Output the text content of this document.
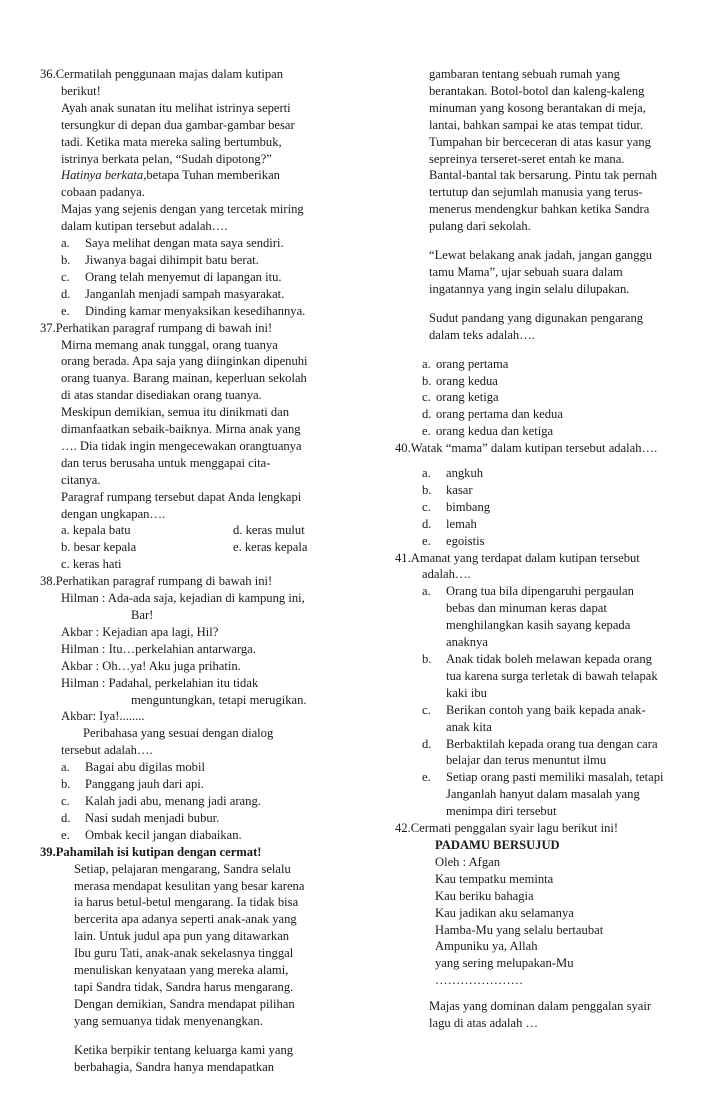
36.Cermatilah penggunaan majas dalam kutipan
berikut!
Ayah anak sunatan itu melihat istrinya seperti
tersungkur di depan dua gambar-gambar besar
tadi. Ketika mata mereka saling bertumbuk,
istrinya berkata pelan, “Sudah dipotong?”
Hatinya berkata,betapa Tuhan memberikan
cobaan padanya.
Majas yang sejenis dengan yang tercetak miring
dalam kutipan tersebut adalah….
a.	Saya melihat dengan mata saya sendiri.
b.	Jiwanya bagai dihimpit batu berat.
c.	Orang telah menyemut di lapangan itu.
d.	Janganlah menjadi sampah masyarakat.
e.	Dinding kamar menyaksikan kesedihannya.
37.Perhatikan paragraf rumpang di bawah ini!
Mirna memang anak tunggal, orang tuanya
orang berada. Apa saja yang diinginkan dipenuhi
orang tuanya. Barang mainan, keperluan sekolah
di atas standar disediakan orang tuanya.
Meskipun demikian, semua itu dinikmati dan
dimanfaatkan sebaik-baiknya. Mirna anak yang
…. Dia tidak ingin mengecewakan orangtuanya
dan terus berusaha untuk menggapai cita-
citanya.
Paragraf rumpang tersebut dapat Anda lengkapi
dengan ungkapan….
a. kepala batu	d. keras mulut
b. besar kepala	e. keras kepala
c. keras hati
38.Perhatikan paragraf rumpang di bawah ini!
Hilman : Ada-ada saja, kejadian di kampung ini,
Bar!
Akbar : Kejadian apa lagi, Hil?
Hilman : Itu…perkelahian antarwarga.
Akbar : Oh…ya! Aku juga prihatin.
Hilman : Padahal, perkelahian itu tidak
menguntungkan, tetapi merugikan.
Akbar: Iya!........
Peribahasa yang sesuai dengan dialog
tersebut adalah….
a.	Bagai abu digilas mobil
b.	Panggang jauh dari api.
c.	Kalah jadi abu, menang jadi arang.
d.	Nasi sudah menjadi bubur.
e.	Ombak kecil jangan diabaikan.
39.Pahamilah isi kutipan dengan cermat!
Setiap, pelajaran mengarang, Sandra selalu
merasa mendapat kesulitan yang besar karena
ia harus betul-betul mengarang. Ia tidak bisa
bercerita apa adanya seperti anak-anak yang
lain. Untuk judul apa pun yang ditawarkan
Ibu guru Tati, anak-anak sekelasnya tinggal
menuliskan kenyataan yang mereka alami,
tapi Sandra tidak, Sandra harus mengarang.
Dengan demikian, Sandra mendapat pilihan
yang semuanya tidak menyenangkan.
Ketika berpikir tentang keluarga kami yang
berbahagia, Sandra hanya mendapatkan
gambaran tentang sebuah rumah yang
berantakan. Botol-botol dan kaleng-kaleng
minuman yang kosong berantakan di meja,
lantai, bahkan sampai ke atas tempat tidur.
Tumpahan bir berceceran di atas kasur yang
sepreinya terseret-seret entah ke mana.
Bantal-bantal tak bersarung. Pintu tak pernah
tertutup dan sejumlah manusia yang terus-
menerus mendengkur bahkan ketika Sandra
pulang dari sekolah.
“Lewat belakang anak jadah, jangan ganggu
tamu Mama”, ujar sebuah suara dalam
ingatannya yang ingin selalu dilupakan.
Sudut pandang yang digunakan pengarang
dalam teks adalah….
a. orang pertama
b. orang kedua
c. orang ketiga
d. orang pertama dan kedua
e. orang kedua dan ketiga
40.Watak “mama” dalam kutipan tersebut adalah….
a.	angkuh
b.	kasar
c.	bimbang
d.	lemah
e.	egoistis
41.Amanat yang terdapat dalam kutipan tersebut
adalah….
a.	Orang tua bila dipengaruhi pergaulan
bebas dan minuman keras dapat
menghilangkan kasih sayang kepada
anaknya
b.	Anak tidak boleh melawan kepada orang
tua karena surga terletak di bawah telapak
kaki ibu
c.	Berikan contoh yang baik kepada anak-
anak kita
d.	Berbaktilah kepada orang tua dengan cara
belajar dan terus menuntut ilmu
e.	Setiap orang pasti memiliki masalah, tetapi
Janganlah hanyut dalam masalah yang
menimpa diri tersebut
42.Cermati penggalan syair lagu berikut ini!
PADAMU BERSUJUD
Oleh : Afgan
Kau tempatku meminta
Kau beriku bahagia
Kau jadikan aku selamanya
Hamba-Mu yang selalu bertaubat
Ampuniku ya, Allah
yang sering melupakan-Mu
…………………
Majas yang dominan dalam penggalan syair
lagu di atas adalah …
